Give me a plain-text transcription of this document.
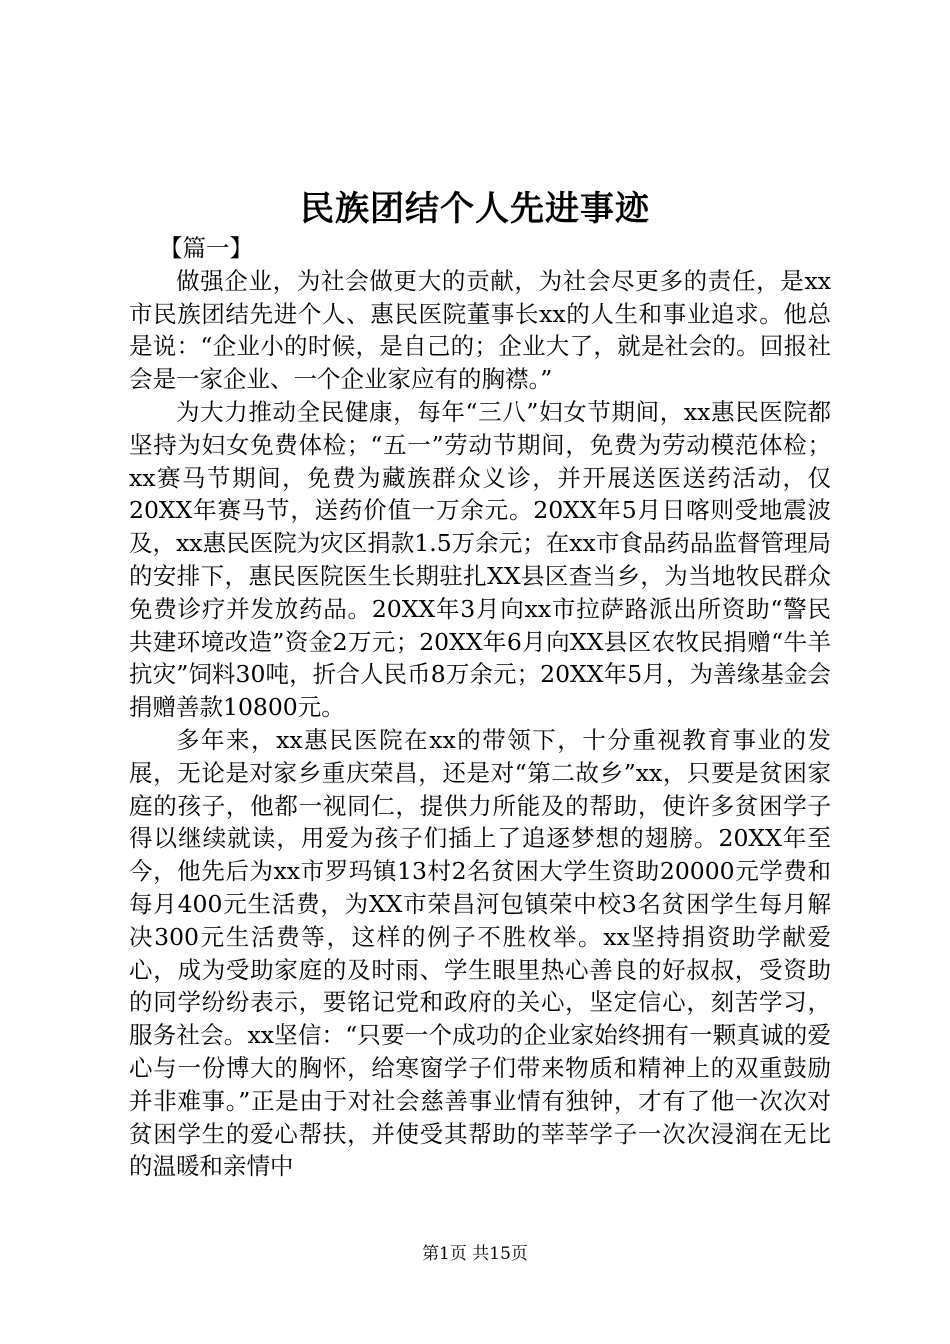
民族团结个人先进事迹

【篇一】

做强企业，为社会做更大的贡献，为社会尽更多的责任，是xx市民族团结先进个人、惠民医院董事长xx的人生和事业追求。他总是说：“企业小的时候，是自己的；企业大了，就是社会的。回报社会是一家企业、一个企业家应有的胸襟。”

为大力推动全民健康，每年“三八”妇女节期间，xx惠民医院都坚持为妇女免费体检；“五一”劳动节期间，免费为劳动模范体检；xx赛马节期间，免费为藏族群众义诊，并开展送医送药活动，仅20XX年赛马节，送药价值一万余元。20XX年5月日喀则受地震波及，xx惠民医院为灾区捐款1.5万余元；在xx市食品药品监督管理局的安排下，惠民医院医生长期驻扎XX县区查当乡，为当地牧民群众免费诊疗并发放药品。20XX年3月向xx市拉萨路派出所资助“警民共建环境改造”资金2万元；20XX年6月向XX县区农牧民捐赠“牛羊抗灾”饲料30吨，折合人民币8万余元；20XX年5月，为善缘基金会捐赠善款10800元。

多年来，xx惠民医院在xx的带领下，十分重视教育事业的发展，无论是对家乡重庆荣昌，还是对“第二故乡”xx，只要是贫困家庭的孩子，他都一视同仁，提供力所能及的帮助，使许多贫困学子得以继续就读，用爱为孩子们插上了追逐梦想的翅膀。20XX年至今，他先后为xx市罗玛镇13村2名贫困大学生资助20000元学费和每月400元生活费，为XX市荣昌河包镇荣中校3名贫困学生每月解决300元生活费等，这样的例子不胜枚举。xx坚持捐资助学献爱心，成为受助家庭的及时雨、学生眼里热心善良的好叔叔，受资助的同学纷纷表示，要铭记党和政府的关心，坚定信心，刻苦学习，服务社会。xx坚信：“只要一个成功的企业家始终拥有一颗真诚的爱心与一份博大的胸怀，给寒窗学子们带来物质和精神上的双重鼓励并非难事。”正是由于对社会慈善事业情有独钟，才有了他一次次对贫困学生的爱心帮扶，并使受其帮助的莘莘学子一次次浸润在无比的温暖和亲情中

第1页 共15页
